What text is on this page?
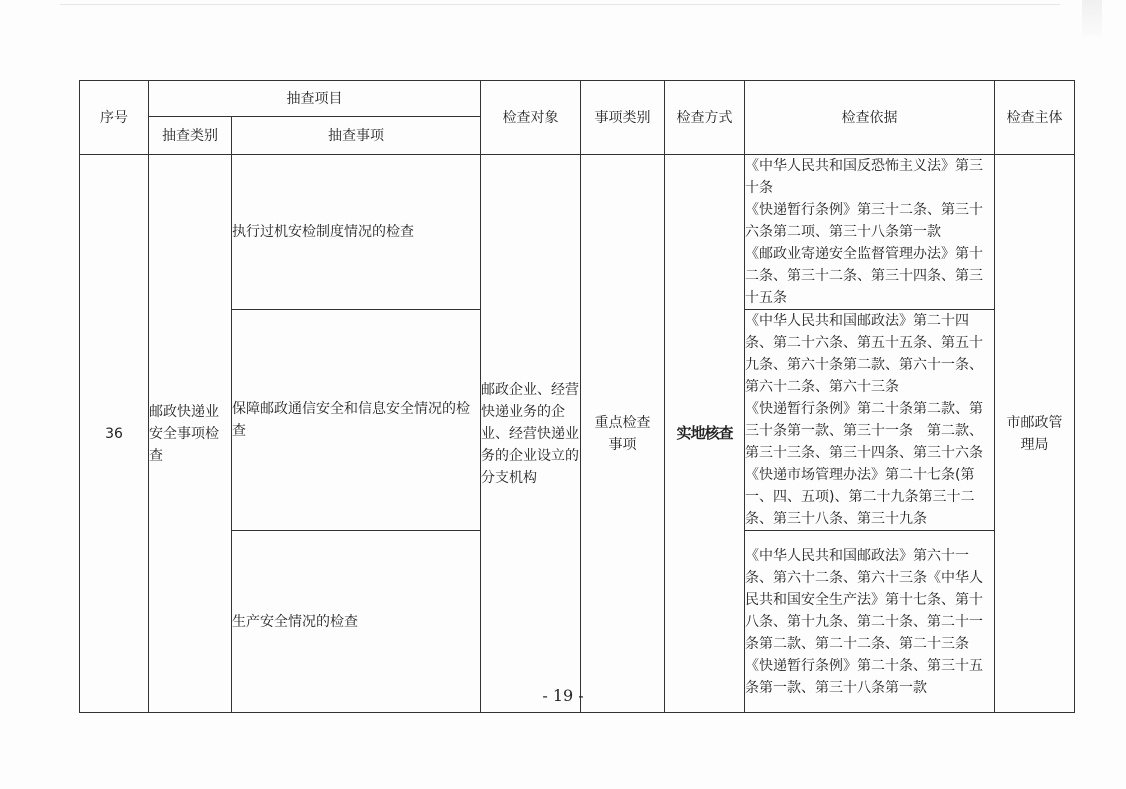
序号	抽查项目		检查对象	事项类别	检查方式	检查依据	检查主体
	抽查类别	抽查事项					
36	邮政快递业安全事项检查	执行过机安检制度情况的检查	邮政企业、经营快递业务的企业、经营快递业务的企业设立的分支机构	重点检查事项	实地核查	《中华人民共和国反恐怖主义法》第三十条
《快递暂行条例》第三十二条、第三十六条第二项、第三十八条第一款
《邮政业寄递安全监督管理办法》第十二条、第三十二条、第三十四条、第三十五条	市邮政管理局
		保障邮政通信安全和信息安全情况的检查				《中华人民共和国邮政法》第二十四条、第二十六条、第五十五条、第五十九条、第六十条第二款、第六十一条、第六十二条、第六十三条
《快递暂行条例》第二十条第二款、第三十条第一款、第三十一条　第二款、第三十三条、第三十四条、第三十六条
《快递市场管理办法》第二十七条(第一、四、五项)、第二十九条第三十二条、第三十八条、第三十九条	

		生产安全情况的检查				《中华人民共和国邮政法》第六十一条、第六十二条、第六十三条《中华人民共和国安全生产法》第十七条、第十八条、第十九条、第二十条、第二十一条第二款、第二十二条、第二十三条
《快递暂行条例》第二十条、第三十五条第一款、第三十八条第一款	
- 19 -
